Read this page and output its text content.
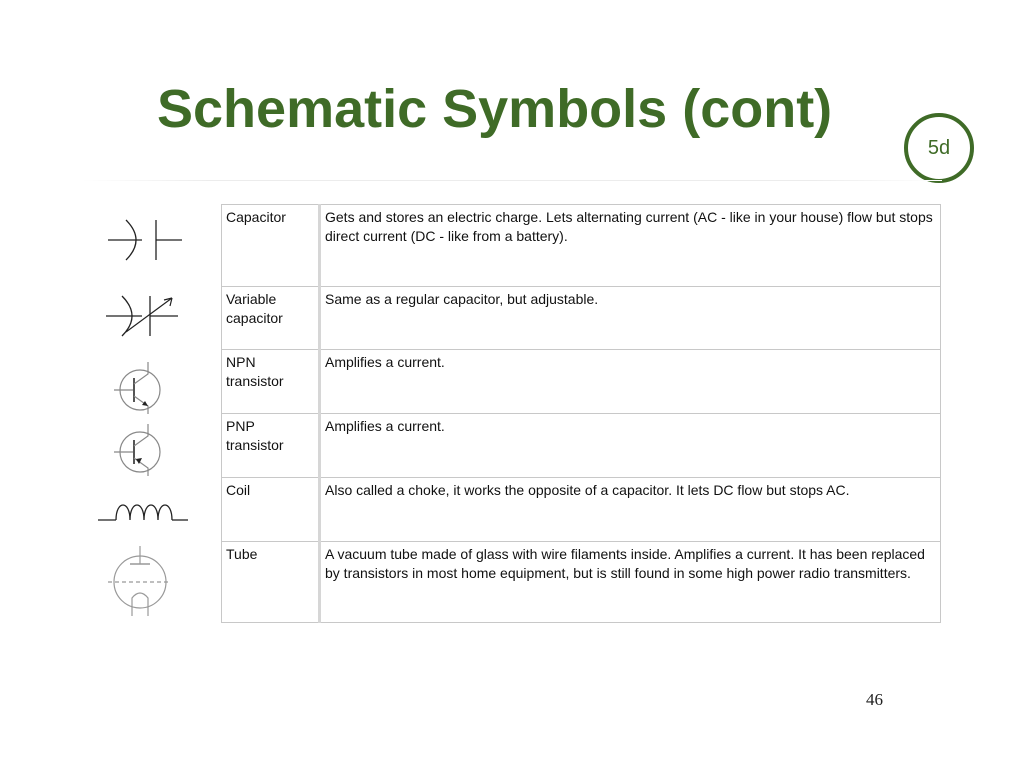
Schematic Symbols (cont)
5d
Capacitor	Gets and stores an electric charge. Lets alternating current (AC - like in your house) flow but stops direct current (DC - like from a battery).
Variable capacitor	Same as a regular capacitor, but adjustable.
NPN transistor	Amplifies a current.
PNP transistor	Amplifies a current.
Coil	Also called a choke, it works the opposite of a capacitor. It lets DC flow but stops AC.
Tube	A vacuum tube made of glass with wire filaments inside. Amplifies a current. It has been replaced by transistors in most home equipment, but is still found in some high power radio transmitters.
46
